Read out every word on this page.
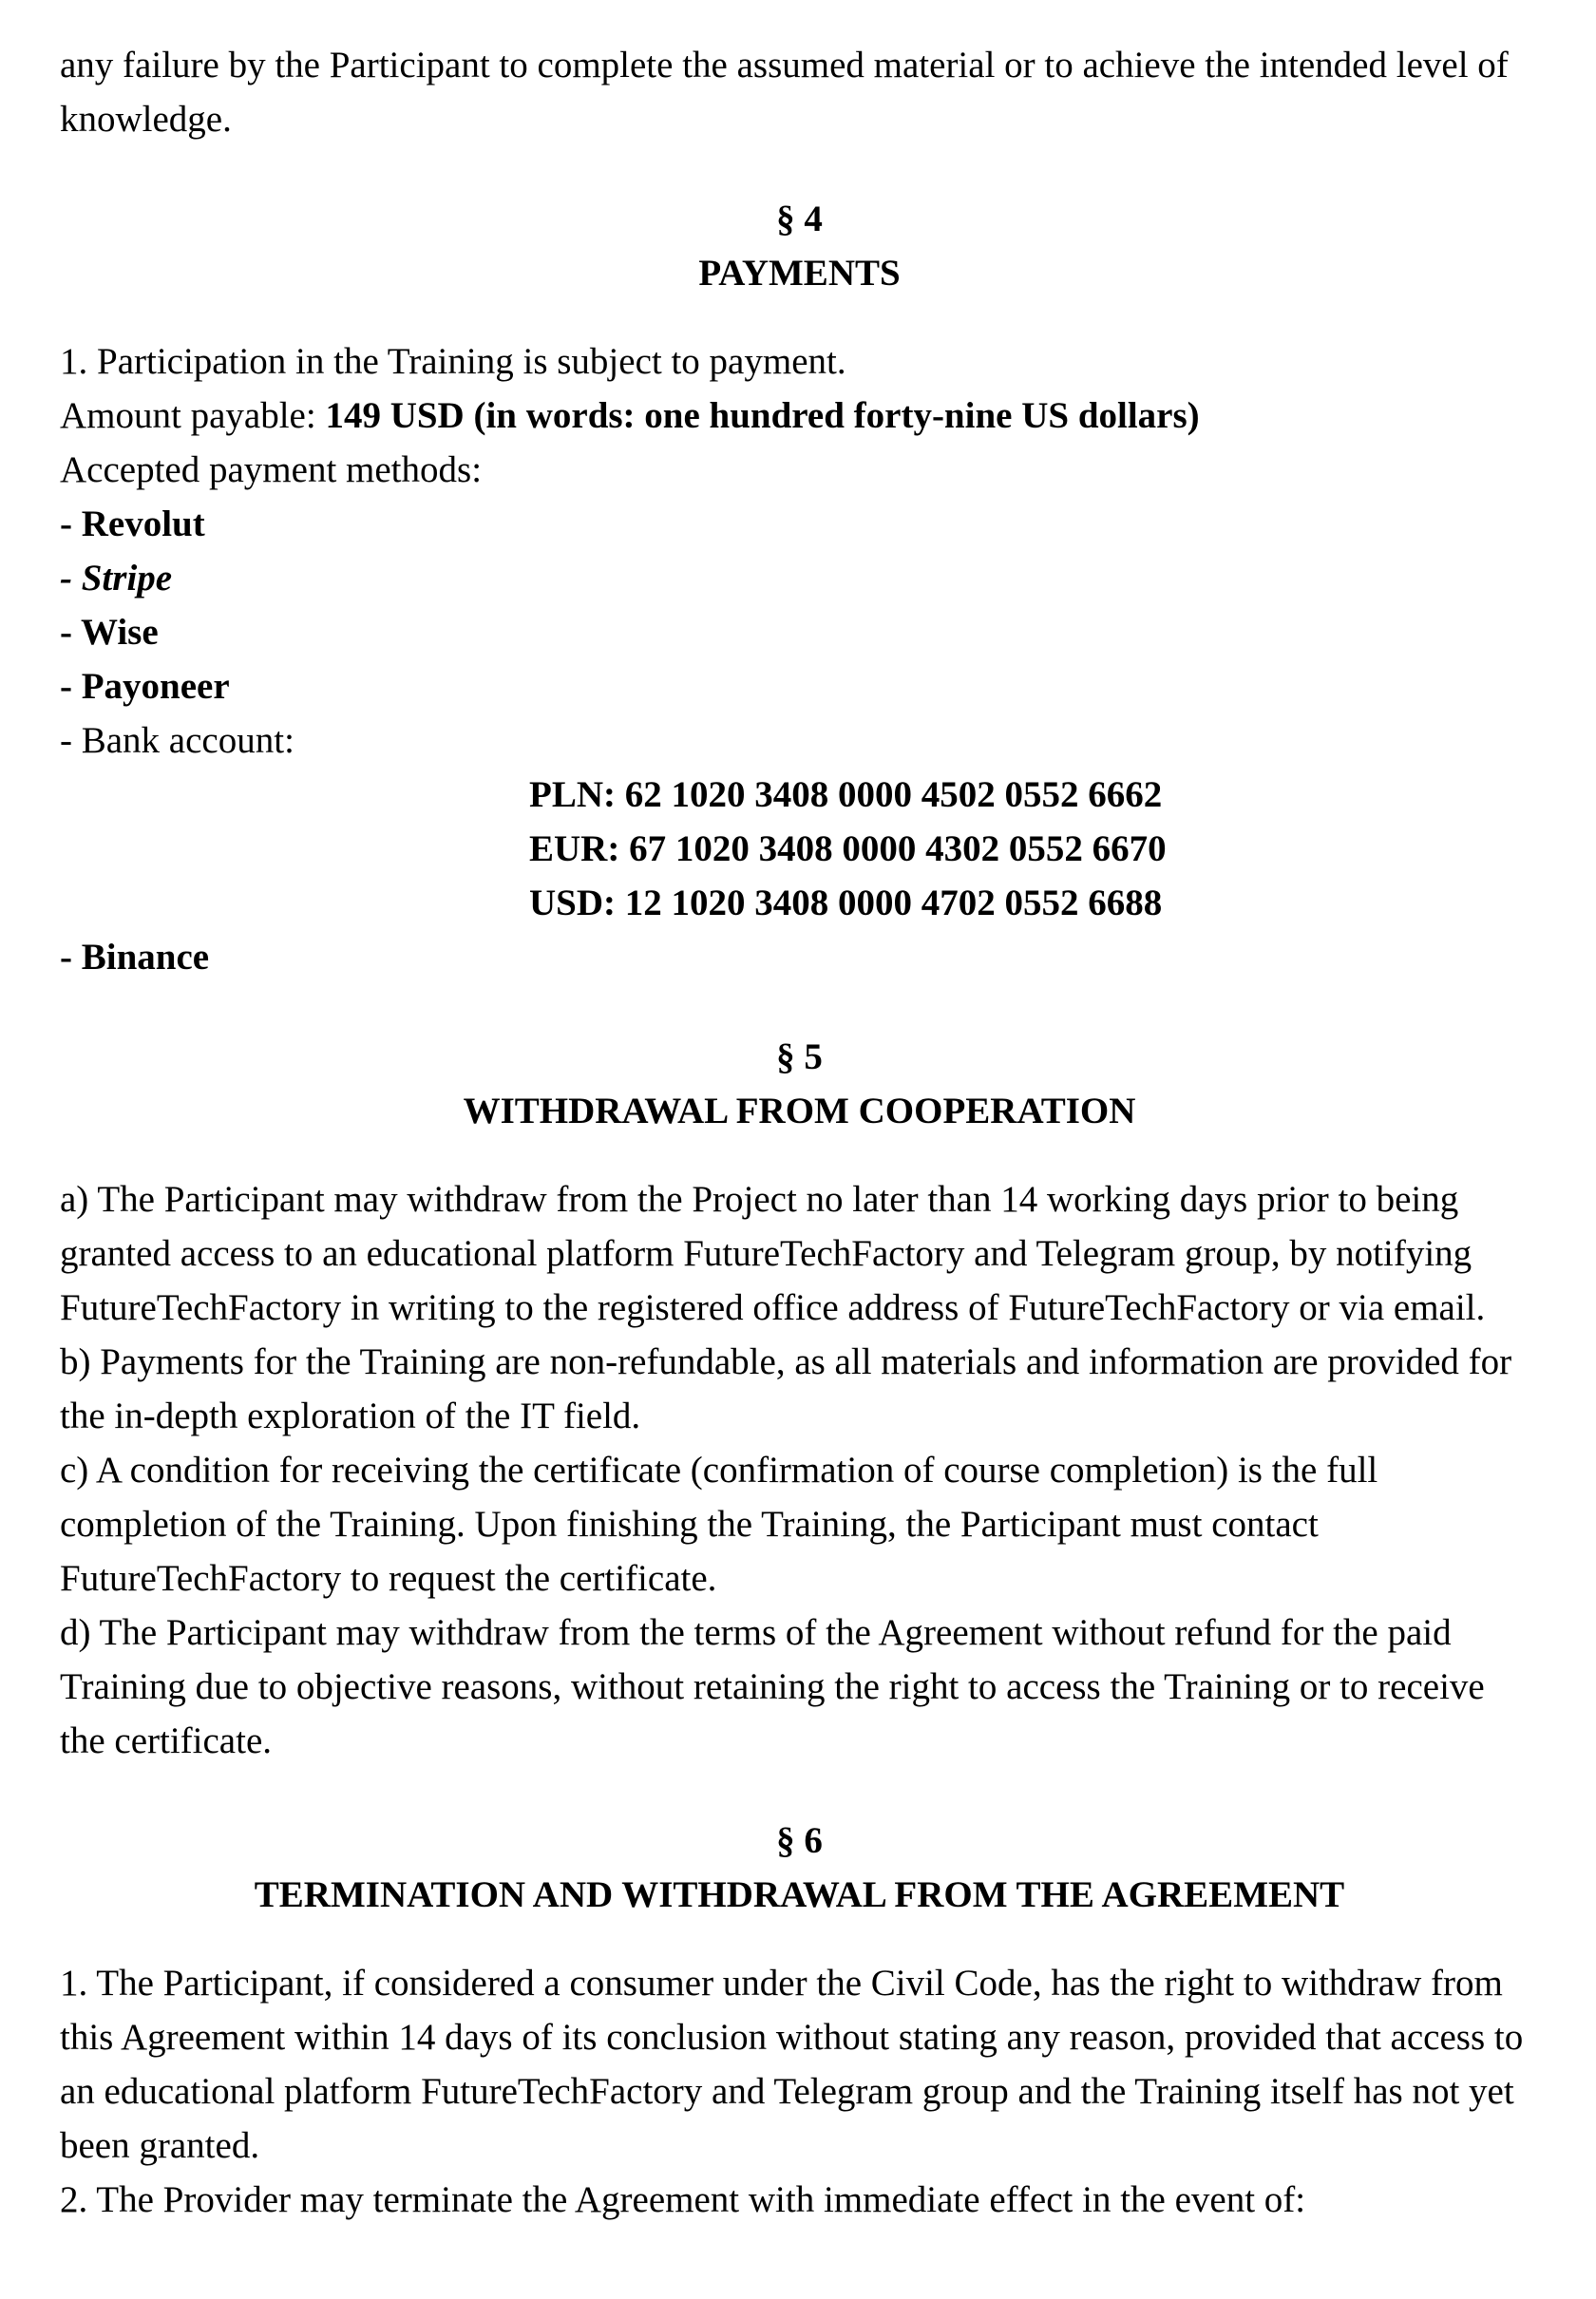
any failure by the Participant to complete the assumed material or to achieve the intended level of knowledge.
§ 4
PAYMENTS
1. Participation in the Training is subject to payment.
Amount payable: 149 USD (in words: one hundred forty-nine US dollars)
Accepted payment methods:
- Revolut
- Stripe
- Wise
- Payoneer
- Bank account:
PLN: 62 1020 3408 0000 4502 0552 6662
EUR: 67 1020 3408 0000 4302 0552 6670
USD: 12 1020 3408 0000 4702 0552 6688
- Binance
§ 5
WITHDRAWAL FROM COOPERATION
a) The Participant may withdraw from the Project no later than 14 working days prior to being granted access to an educational platform FutureTechFactory and Telegram group, by notifying FutureTechFactory in writing to the registered office address of FutureTechFactory or via email.
b) Payments for the Training are non-refundable, as all materials and information are provided for the in-depth exploration of the IT field.
c) A condition for receiving the certificate (confirmation of course completion) is the full completion of the Training. Upon finishing the Training, the Participant must contact FutureTechFactory to request the certificate.
d) The Participant may withdraw from the terms of the Agreement without refund for the paid Training due to objective reasons, without retaining the right to access the Training or to receive the certificate.
§ 6
TERMINATION AND WITHDRAWAL FROM THE AGREEMENT
1. The Participant, if considered a consumer under the Civil Code, has the right to withdraw from this Agreement within 14 days of its conclusion without stating any reason, provided that access to an educational platform FutureTechFactory and Telegram group and the Training itself has not yet been granted.
2. The Provider may terminate the Agreement with immediate effect in the event of:
